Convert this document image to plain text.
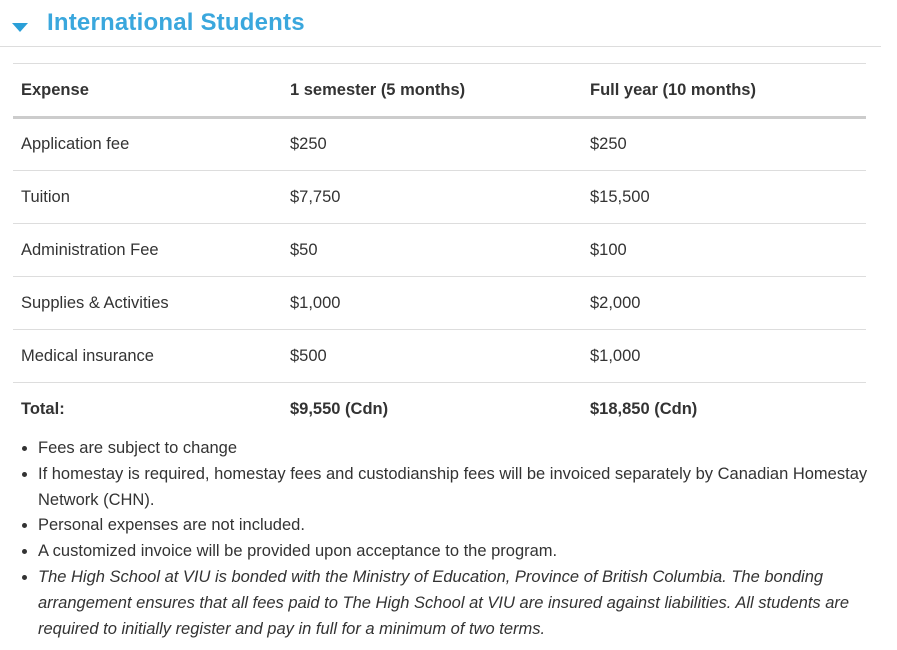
International Students
Expense	1 semester (5 months)	Full year (10 months)
Application fee	$250	$250
Tuition	$7,750	$15,500
Administration Fee	$50	$100
Supplies & Activities	$1,000	$2,000
Medical insurance	$500	$1,000
Total:	$9,550 (Cdn)	$18,850 (Cdn)
• Fees are subject to change
• If homestay is required, homestay fees and custodianship fees will be invoiced separately by Canadian Homestay Network (CHN).
• Personal expenses are not included.
• A customized invoice will be provided upon acceptance to the program.
• The High School at VIU is bonded with the Ministry of Education, Province of British Columbia. The bonding arrangement ensures that all fees paid to The High School at VIU are insured against liabilities. All students are required to initially register and pay in full for a minimum of two terms.
